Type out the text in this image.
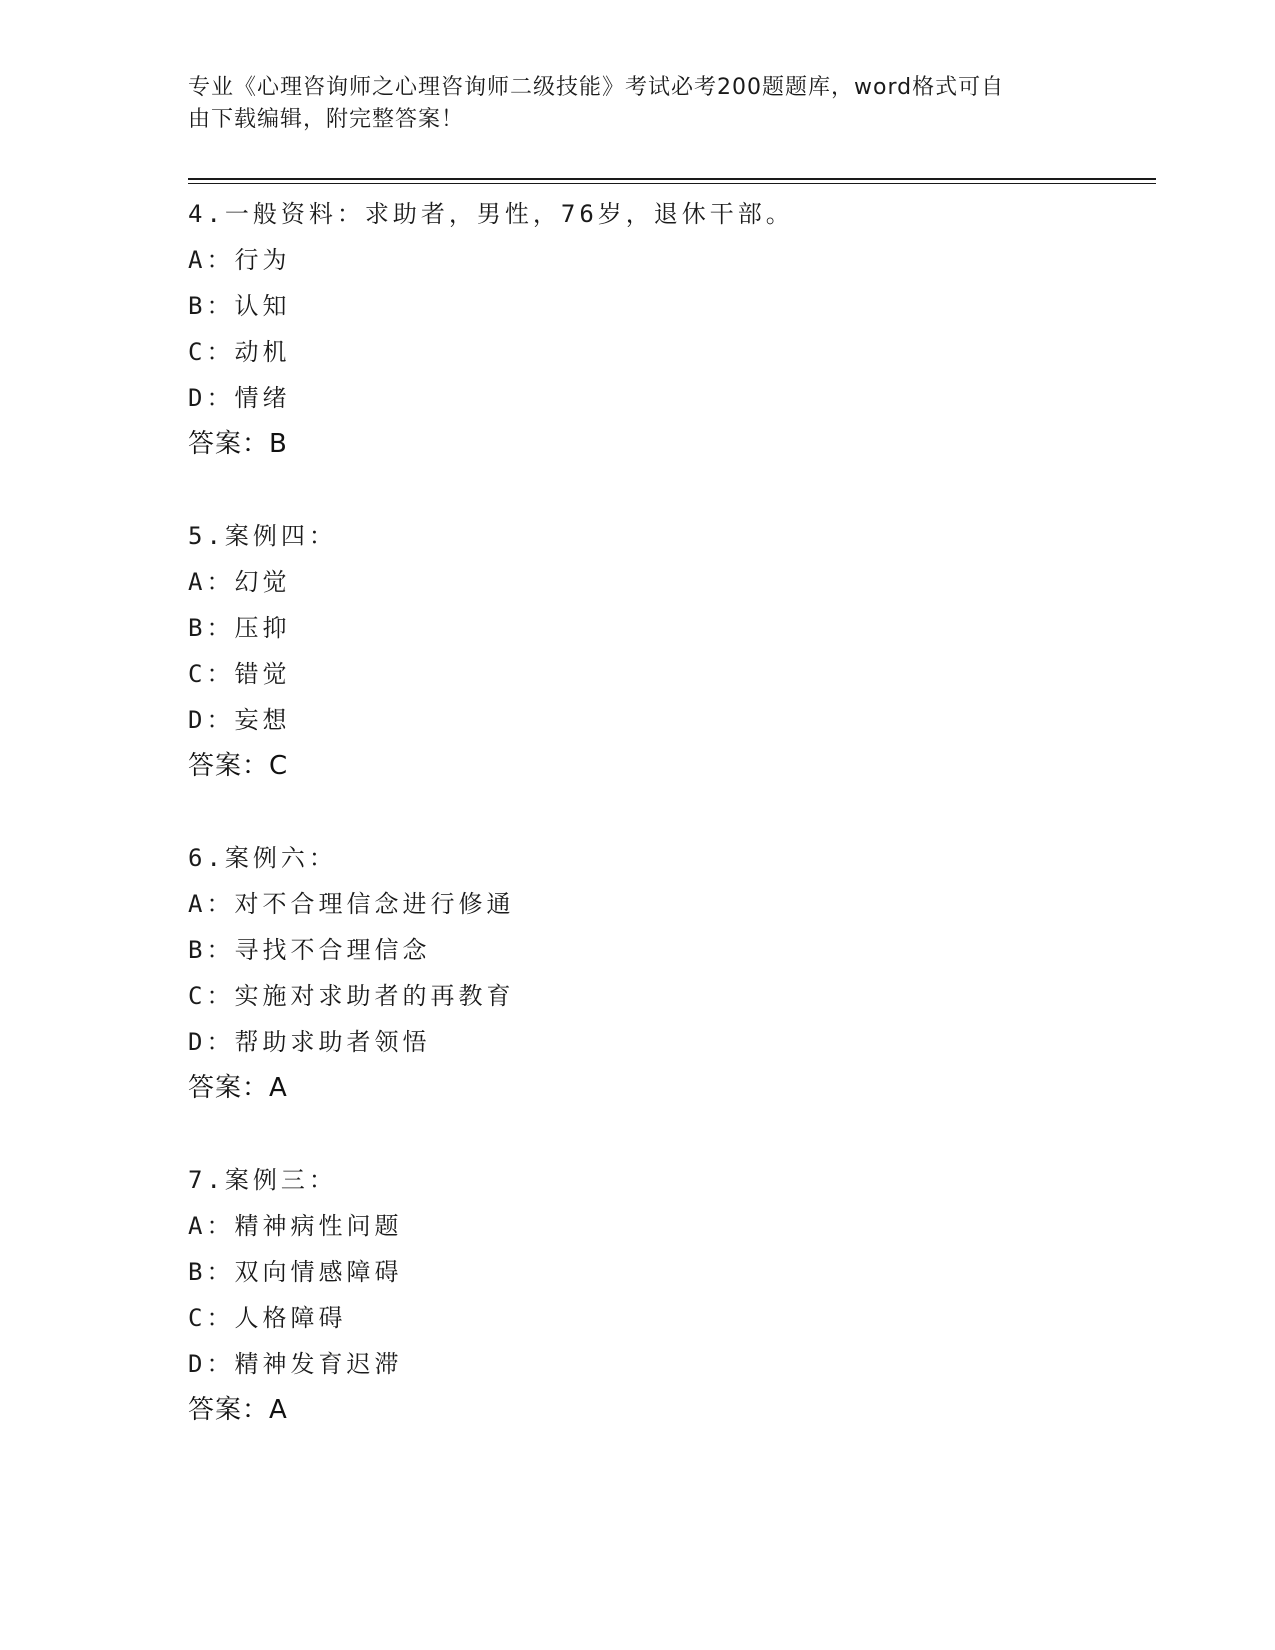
专业《心理咨询师之心理咨询师二级技能》考试必考200题题库，word格式可自
由下载编辑，附完整答案！
4.一般资料：求助者，男性，76岁，退休干部。
A：行为
B：认知
C：动机
D：情绪
答案：B
5.案例四：
A：幻觉
B：压抑
C：错觉
D：妄想
答案：C
6.案例六：
A：对不合理信念进行修通
B：寻找不合理信念
C：实施对求助者的再教育
D：帮助求助者领悟
答案：A
7.案例三：
A：精神病性问题
B：双向情感障碍
C：人格障碍
D：精神发育迟滞
答案：A
